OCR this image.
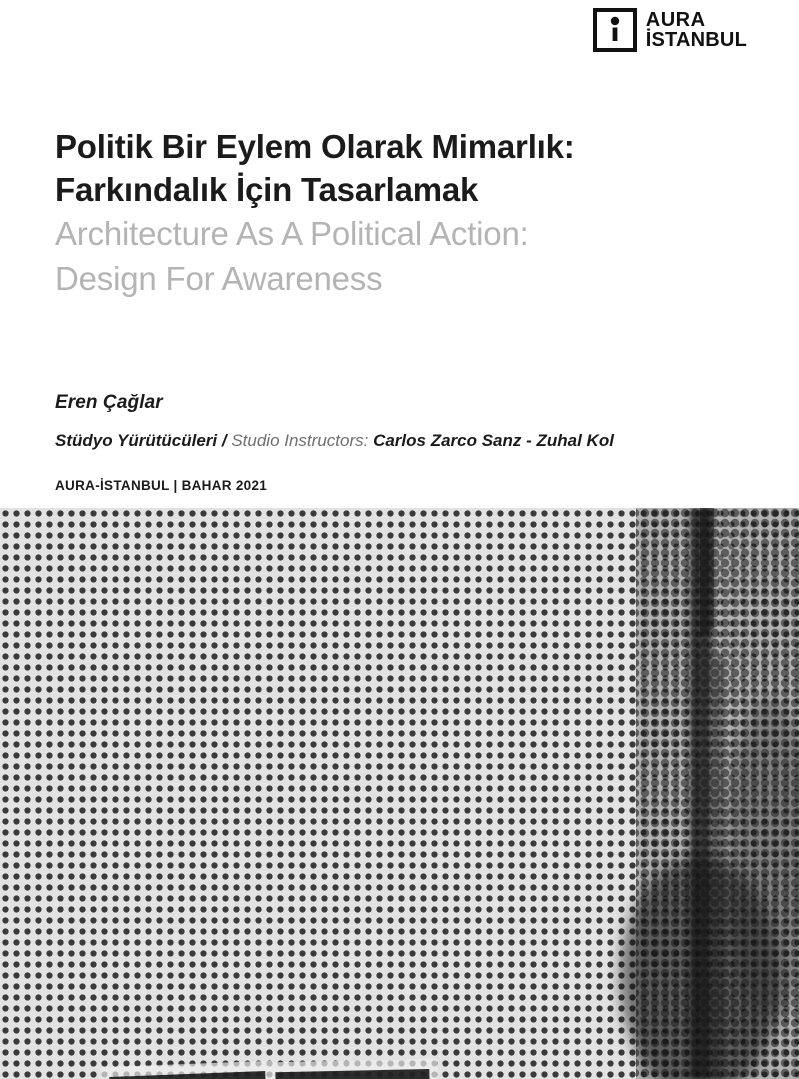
AURA
İSTANBUL
Politik Bir Eylem Olarak Mimarlık:
Farkındalık İçin Tasarlamak
Architecture As A Political Action:
Design For Awareness
Eren Çağlar
Stüdyo Yürütücüleri / Studio Instructors: Carlos Zarco Sanz - Zuhal Kol
AURA-İSTANBUL | BAHAR 2021
